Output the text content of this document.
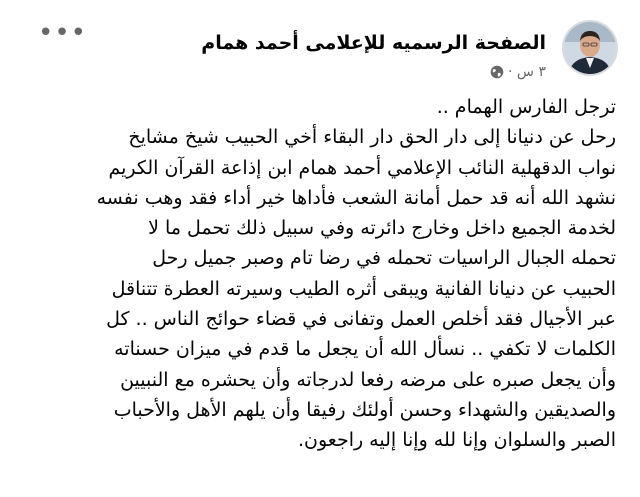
الصفحة الرسميه للإعلامى أحمد همام
٣ س ·
•••

ترجل الفارس الهمام ..

رحل عن دنيانا إلى دار الحق دار البقاء أخي الحبيب شيخ مشايخ

نواب الدقهلية النائب الإعلامي أحمد همام ابن إذاعة القرآن الكريم

نشهد الله أنه قد حمل أمانة الشعب فأداها خير أداء فقد وهب نفسه

لخدمة الجميع داخل وخارج دائرته وفي سبيل ذلك تحمل ما لا

تحمله الجبال الراسيات تحمله في رضا تام وصبر جميل رحل

الحبيب عن دنيانا الفانية ويبقى أثره الطيب وسيرته العطرة تتناقل

عبر الأجيال فقد أخلص العمل وتفانى في قضاء حوائج الناس .. كل

الكلمات لا تكفي .. نسأل الله أن يجعل ما قدم في ميزان حسناته

وأن يجعل صبره على مرضه رفعا لدرجاته وأن يحشره مع النبيين

والصديقين والشهداء وحسن أولئك رفيقا وأن يلهم الأهل والأحباب

الصبر والسلوان وإنا لله وإنا إليه راجعون.
